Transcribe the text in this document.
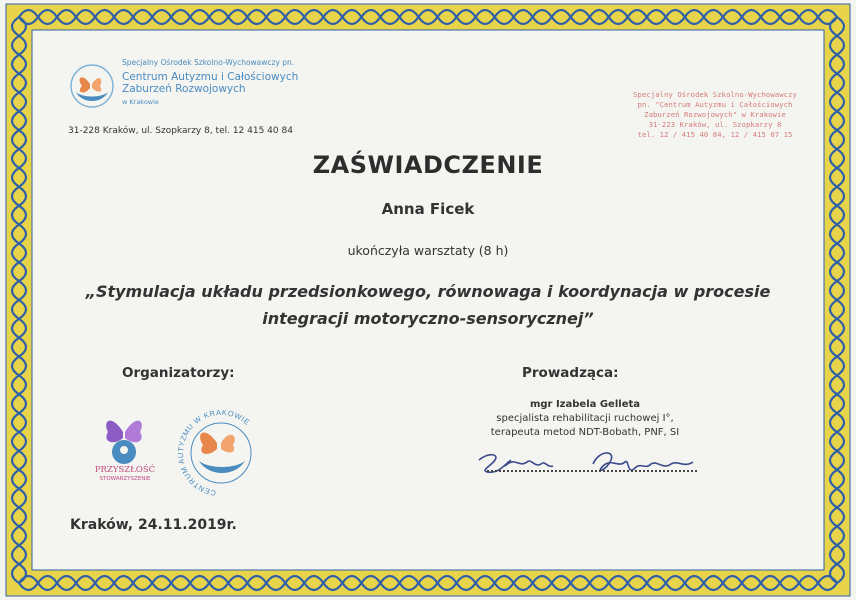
Specjalny Ośrodek Szkolno-Wychowawczy pn.
Centrum Autyzmu i Całościowych
Zaburzeń Rozwojowych
w Krakowie
31-228 Kraków, ul. Szopkarzy 8, tel. 12 415 40 84
Specjalny Ośrodek Szkolno-Wychowawczy
pn. "Centrum Autyzmu i Całościowych
Zaburzeń Rozwojowych" w Krakowie
31-223 Kraków, ul. Szopkarzy 8
tel. 12 / 415 40 84, 12 / 415 07 15
ZAŚWIADCZENIE
Anna Ficek
ukończyła warsztaty (8 h)
„Stymulacja układu przedsionkowego, równowaga i koordynacja w procesie
integracji motoryczno-sensorycznej”
Organizatorzy:	Prowadząca:
mgr Izabela Gelleta
specjalista rehabilitacji ruchowej I°,
terapeuta metod NDT-Bobath, PNF, SI
PRZYSZŁOŚĆ
STOWARZYSZENIE
CENTRUM AUTYZMU W KRAKOWIE
Kraków, 24.11.2019r.
